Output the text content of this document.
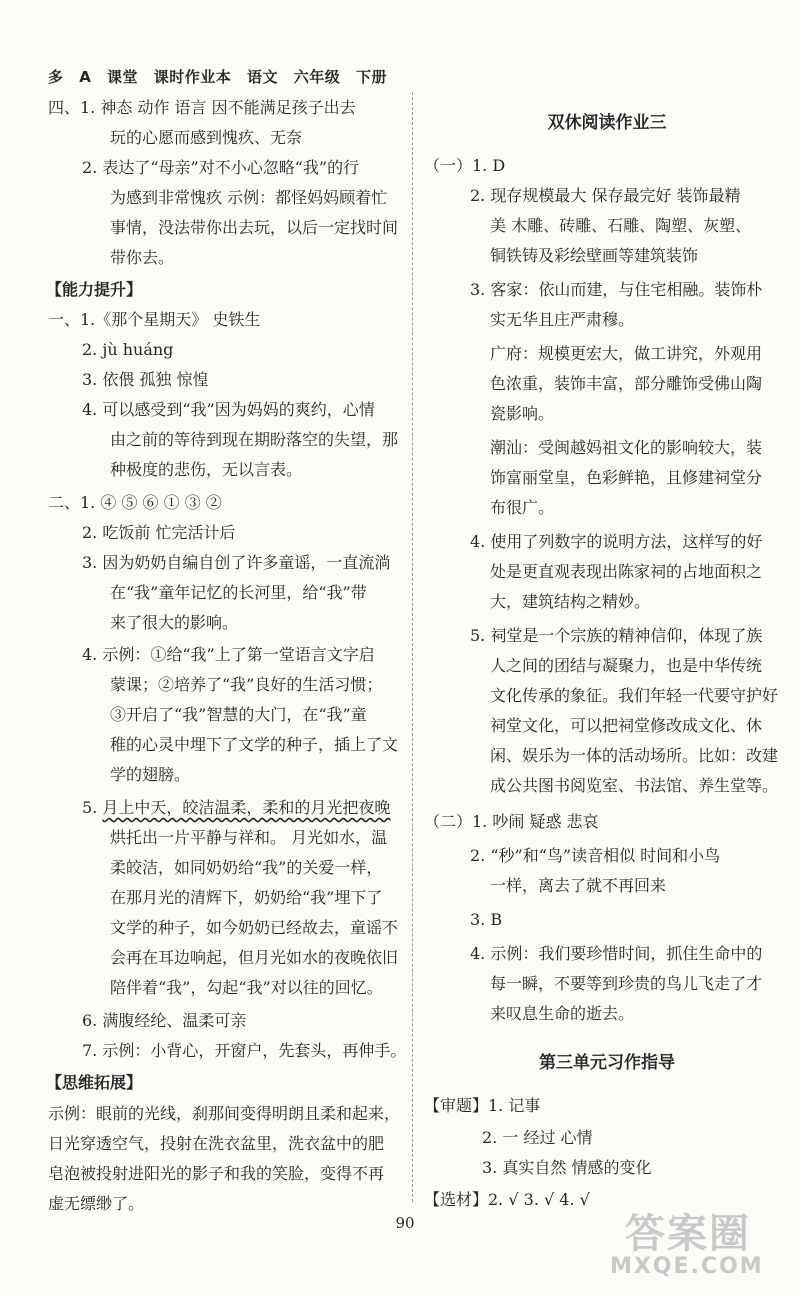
多 A 课堂 课时作业本 语文 六年级 下册
四、1. 神态 动作 语言 因不能满足孩子出去
玩的心愿而感到愧疚、无奈
2. 表达了“母亲”对不小心忽略“我”的行
为感到非常愧疚 示例：都怪妈妈顾着忙
事情，没法带你出去玩，以后一定找时间
带你去。
【能力提升】
一、1.《那个星期天》 史铁生
2. jù huáng
3. 依偎 孤独 惊惶
4. 可以感受到“我”因为妈妈的爽约，心情
由之前的等待到现在期盼落空的失望，那
种极度的悲伤，无以言表。
二、1. ④ ⑤ ⑥ ① ③ ②
2. 吃饭前 忙完活计后
3. 因为奶奶自编自创了许多童谣，一直流淌
在“我”童年记忆的长河里，给“我”带
来了很大的影响。
4. 示例：①给“我”上了第一堂语言文字启
蒙课；②培养了“我”良好的生活习惯；
③开启了“我”智慧的大门，在“我”童
稚的心灵中埋下了文学的种子，插上了文
学的翅膀。
5. 月上中天，皎洁温柔，柔和的月光把夜晚
烘托出一片平静与祥和。 月光如水，温
柔皎洁，如同奶奶给“我”的关爱一样，
在那月光的清辉下，奶奶给“我”埋下了
文学的种子，如今奶奶已经故去，童谣不
会再在耳边响起，但月光如水的夜晚依旧
陪伴着“我”，勾起“我”对以往的回忆。
6. 满腹经纶、温柔可亲
7. 示例：小背心，开窗户，先套头，再伸手。
【思维拓展】
示例：眼前的光线，刹那间变得明朗且柔和起来，
日光穿透空气，投射在洗衣盆里，洗衣盆中的肥
皂泡被投射进阳光的影子和我的笑脸，变得不再
虚无缥缈了。
（一）1. D
2. 现存规模最大 保存最完好 装饰最精
美 木雕、砖雕、石雕、陶塑、灰塑、
铜铁铸及彩绘壁画等建筑装饰
3. 客家：依山而建，与住宅相融。装饰朴
实无华且庄严肃穆。
广府：规模更宏大，做工讲究，外观用
色浓重，装饰丰富，部分雕饰受佛山陶
瓷影响。
潮汕：受闽越妈祖文化的影响较大，装
饰富丽堂皇，色彩鲜艳，且修建祠堂分
布很广。
4. 使用了列数字的说明方法，这样写的好
处是更直观表现出陈家祠的占地面积之
大，建筑结构之精妙。
5. 祠堂是一个宗族的精神信仰，体现了族
人之间的团结与凝聚力，也是中华传统
文化传承的象征。我们年轻一代要守护好
祠堂文化，可以把祠堂修改成文化、休
闲、娱乐为一体的活动场所。比如：改建
成公共图书阅览室、书法馆、养生堂等。
（二）1. 吵闹 疑惑 悲哀
2. “秒”和“鸟”读音相似 时间和小鸟
一样，离去了就不再回来
3. B
4. 示例：我们要珍惜时间，抓住生命中的
每一瞬，不要等到珍贵的鸟儿飞走了才
来叹息生命的逝去。
【审题】1. 记事
2. 一 经过 心情
3. 真实自然 情感的变化
【选材】2. √ 3. √ 4. √
双休阅读作业三
第三单元习作指导
90	答案圈
MXQE.COM
